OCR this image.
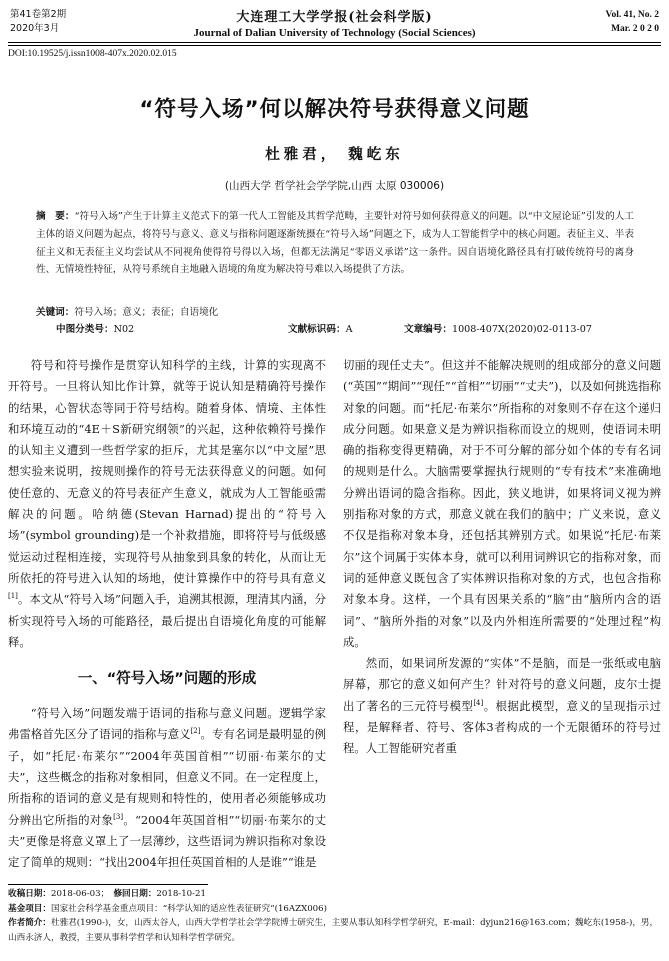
第41卷第2期
2020年3月
大连理工大学学报(社会科学版)
Journal of Dalian University of Technology (Social Sciences)
Vol. 41, No. 2
Mar. 2 0 2 0
DOI:10.19525/j.issn1008-407x.2020.02.015
“符号入场”何以解决符号获得意义问题
杜雅君， 魏屹东
(山西大学 哲学社会学学院,山西 太原 030006)
摘　要：“符号入场”产生于计算主义范式下的第一代人工智能及其哲学范畴，主要针对符号如何获得意义的问题。以“中文屋论证”引发的人工主体的语义问题为起点，将符号与意义、意义与指称问题逐渐统摄在“符号入场”问题之下，成为人工智能哲学中的核心问题。表征主义、半表征主义和无表征主义均尝试从不同视角使得符号得以入场，但都无法满足“零语义承诺”这一条件。因自语境化路径具有打破传统符号的离身性、无情境性特征，从符号系统自主地融入语境的角度为解决符号难以入场提供了方法。
关键词：符号入场；意义；表征；自语境化
中图分类号：N02	文献标识码：A	文章编号：1008-407X(2020)02-0113-07

符号和符号操作是贯穿认知科学的主线，计算的实现离不开符号。一旦将认知比作计算，就等于说认知是精确符号操作的结果，心智状态等同于符号结构。随着身体、情境、主体性和环境互动的“4E＋S新研究纲领”的兴起，这种依赖符号操作的认知主义遭到一些哲学家的拒斥，尤其是塞尔以“中文屋”思想实验来说明，按规则操作的符号无法获得意义的问题。如何使任意的、无意义的符号表征产生意义，就成为人工智能亟需解决的问题。哈纳德(Stevan Harnad)提出的“符号入场”(symbol grounding)是一个补救措施，即将符号与低级感觉运动过程相连接，实现符号从抽象到具象的转化，从而让无所依托的符号进入认知的场地，使计算操作中的符号具有意义[1]。本文从“符号入场”问题入手，追溯其根源，理清其内涵，分析实现符号入场的可能路径，最后提出自语境化角度的可能解释。

一、“符号入场”问题的形成

“符号入场”问题发端于语词的指称与意义问题。逻辑学家弗雷格首先区分了语词的指称与意义[2]。专有名词是最明显的例子，如“托尼·布莱尔”“2004年英国首相”“切丽·布莱尔的丈夫”，这些概念的指称对象相同，但意义不同。在一定程度上，所指称的语词的意义是有规则和特性的，使用者必须能够成功分辨出它所指的对象[3]。“2004年英国首相”“切丽·布莱尔的丈夫”更像是将意义罩上了一层薄纱，这些语词为辨识指称对象设定了简单的规则：“找出2004年担任英国首相的人是谁”“谁是

切丽的现任丈夫”。但这并不能解决规则的组成部分的意义问题(“英国”“期间”“现任”“首相”“切丽”“丈夫”)，以及如何挑选指称对象的问题。而“托尼·布莱尔”所指称的对象则不存在这个递归成分问题。如果意义是为辨识指称而设立的规则，使语词未明确的指称变得更精确，对于不可分解的部分如个体的专有名词的规则是什么。大脑需要掌握执行规则的“专有技术”来准确地分辨出语词的隐含指称。因此，狭义地讲，如果将词义视为辨别指称对象的方式，那意义就在我们的脑中；广义来说，意义不仅是指称对象本身，还包括其辨别方式。如果说“托尼·布莱尔”这个词属于实体本身，就可以利用词辨识它的指称对象，而词的延伸意义既包含了实体辨识指称对象的方式，也包含指称对象本身。这样，一个具有因果关系的“脑”由“脑所内含的语词”、“脑所外指的对象”以及内外相连所需要的“处理过程”构成。

然而，如果词所发源的“实体”不是脑，而是一张纸或电脑屏幕，那它的意义如何产生？针对符号的意义问题，皮尔士提出了著名的三元符号模型[4]。根据此模型，意义的呈现指示过程，是解释者、符号、客体3者构成的一个无限循环的符号过程。人工智能研究者重

收稿日期：2018-06-03；　 修回日期：2018-10-21
基金项目：国家社会科学基金重点项目：“科学认知的适应性表征研究”(16AZX006)
作者简介：杜雅君(1990-)，女，山西太谷人，山西大学哲学社会学学院博士研究生，主要从事认知科学哲学研究，E-mail：dyjun216@163.com；魏屹东(1958-)，男，山西永济人，教授，主要从事科学哲学和认知科学哲学研究。
